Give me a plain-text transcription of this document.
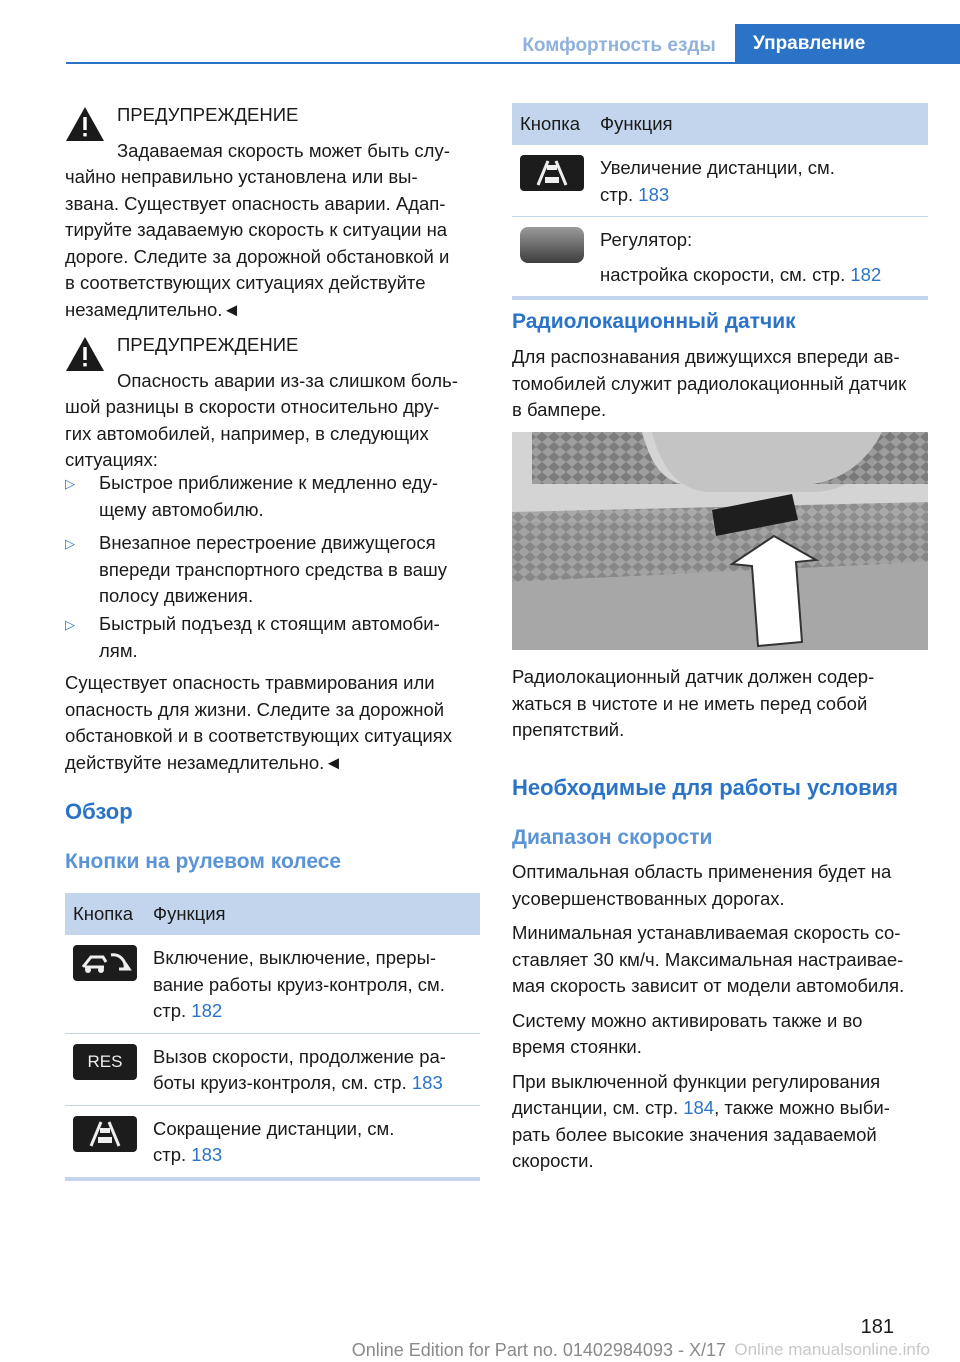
Комфортность езды	Управление
ПРЕДУПРЕЖДЕНИЕ

Задаваемая скорость может быть слу-

чайно неправильно установлена или вы-

звана. Существует опасность аварии. Адап-

тируйте задаваемую скорость к ситуации на

дороге. Следите за дорожной обстановкой и

в соответствующих ситуациях действуйте

незамедлительно.◄

ПРЕДУПРЕЖДЕНИЕ

Опасность аварии из-за слишком боль-

шой разницы в скорости относительно дру-

гих автомобилей, например, в следующих

ситуациях:

▷ Быстрое приближение к медленно еду-

щему автомобилю.

▷ Внезапное перестроение движущегося

впереди транспортного средства в вашу

полосу движения.

▷ Быстрый подъезд к стоящим автомоби-

лям.

Существует опасность травмирования или

опасность для жизни. Следите за дорожной

обстановкой и в соответствующих ситуациях

действуйте незамедлительно.◄

Обзор
Кнопки на рулевом колесе
Кнопка	Функция

Включение, выключение, преры-

вание работы круиз-контроля, см.

стр. 182

RES	Вызов скорости, продолжение ра-

боты круиз-контроля, см. стр. 183

Сокращение дистанции, см.

стр. 183

Кнопка	Функция

Увеличение дистанции, см.

стр. 183

	Регулятор:

настройка скорости, см. стр. 182

Радиолокационный датчик

Для распознавания движущихся впереди ав-

томобилей служит радиолокационный датчик

в бампере.

Радиолокационный датчик должен содер-

жаться в чистоте и не иметь перед собой

препятствий.

Необходимые для работы условия
Диапазон скорости

Оптимальная область применения будет на

усовершенствованных дорогах.

Минимальная устанавливаемая скорость со-

ставляет 30 км/ч. Максимальная настраивае-

мая скорость зависит от модели автомобиля.

Систему можно активировать также и во

время стоянки.

При выключенной функции регулирования

дистанции, см. стр. 184, также можно выби-

рать более высокие значения задаваемой

скорости.

181
Online Edition for Part no. 01402984093 - X/17 Online manualsonline.info
